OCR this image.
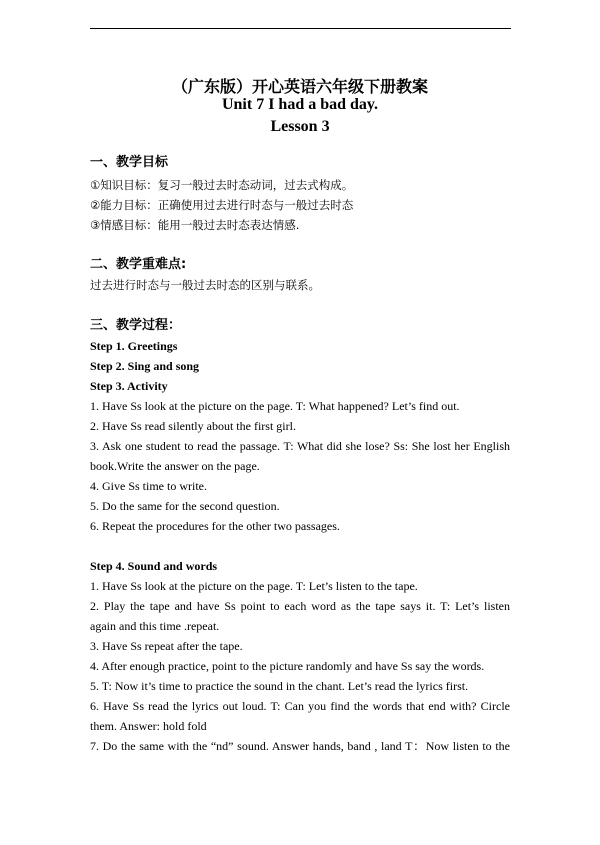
（广东版）开心英语六年级下册教案
Unit 7 I had a bad day.
Lesson 3
一、教学目标
①知识目标：复习一般过去时态动词，过去式构成。
②能力目标：正确使用过去进行时态与一般过去时态
③情感目标：能用一般过去时态表达情感.
二、教学重难点:
过去进行时态与一般过去时态的区别与联系。
三、教学过程：
Step 1. Greetings
Step 2. Sing and song
Step 3. Activity
1. Have Ss look at the picture on the page. T: What happened? Let’s find out.
2. Have Ss read silently about the first girl.
3. Ask one student to read the passage. T: What did she lose? Ss: She lost her English
book.Write the answer on the page.
4. Give Ss time to write.
5. Do the same for the second question.
6. Repeat the procedures for the other two passages.
Step 4. Sound and words
1. Have Ss look at the picture on the page. T: Let’s listen to the tape.
2. Play the tape and have Ss point to each word as the tape says it. T: Let’s listen
again and this time .repeat.
3. Have Ss repeat after the tape.
4. After enough practice, point to the picture randomly and have Ss say the words.
5. T: Now it’s time to practice the sound in the chant. Let’s read the lyrics first.
6. Have Ss read the lyrics out loud. T: Can you find the words that end with? Circle
them. Answer: hold fold
7. Do the same with the “nd” sound. Answer hands, band , land T：Now listen to the
